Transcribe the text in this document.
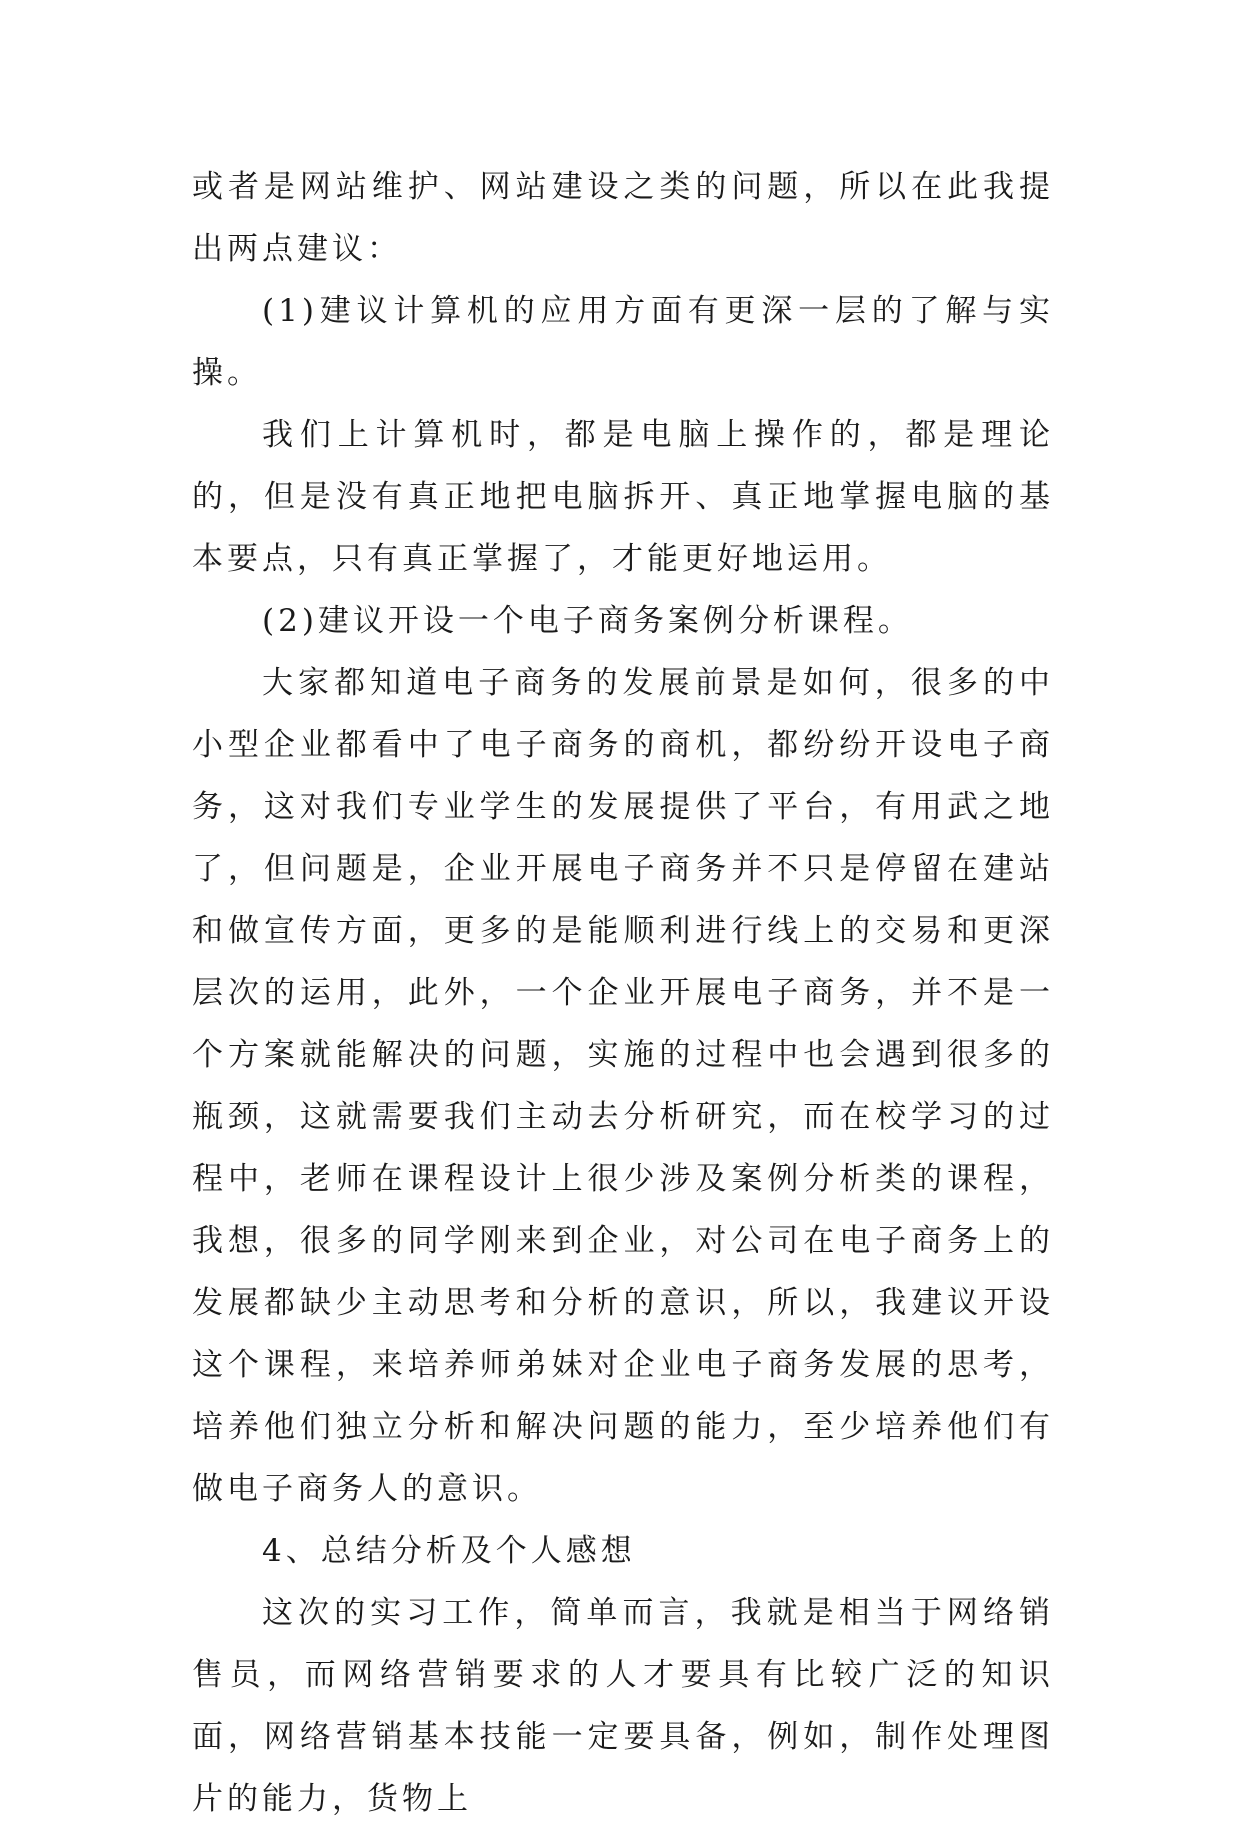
或者是网站维护、网站建设之类的问题，所以在此我提出两点建议：

(1)建议计算机的应用方面有更深一层的了解与实操。

我们上计算机时，都是电脑上操作的，都是理论的，但是没有真正地把电脑拆开、真正地掌握电脑的基本要点，只有真正掌握了，才能更好地运用。

(2)建议开设一个电子商务案例分析课程。

大家都知道电子商务的发展前景是如何，很多的中小型企业都看中了电子商务的商机，都纷纷开设电子商务，这对我们专业学生的发展提供了平台，有用武之地了，但问题是，企业开展电子商务并不只是停留在建站和做宣传方面，更多的是能顺利进行线上的交易和更深层次的运用，此外，一个企业开展电子商务，并不是一个方案就能解决的问题，实施的过程中也会遇到很多的瓶颈，这就需要我们主动去分析研究，而在校学习的过程中，老师在课程设计上很少涉及案例分析类的课程，我想，很多的同学刚来到企业，对公司在电子商务上的发展都缺少主动思考和分析的意识，所以，我建议开设这个课程，来培养师弟妹对企业电子商务发展的思考，培养他们独立分析和解决问题的能力，至少培养他们有做电子商务人的意识。

4、总结分析及个人感想

这次的实习工作，简单而言，我就是相当于网络销售员，而网络营销要求的人才要具有比较广泛的知识面，网络营销基本技能一定要具备，例如，制作处理图片的能力，货物上
